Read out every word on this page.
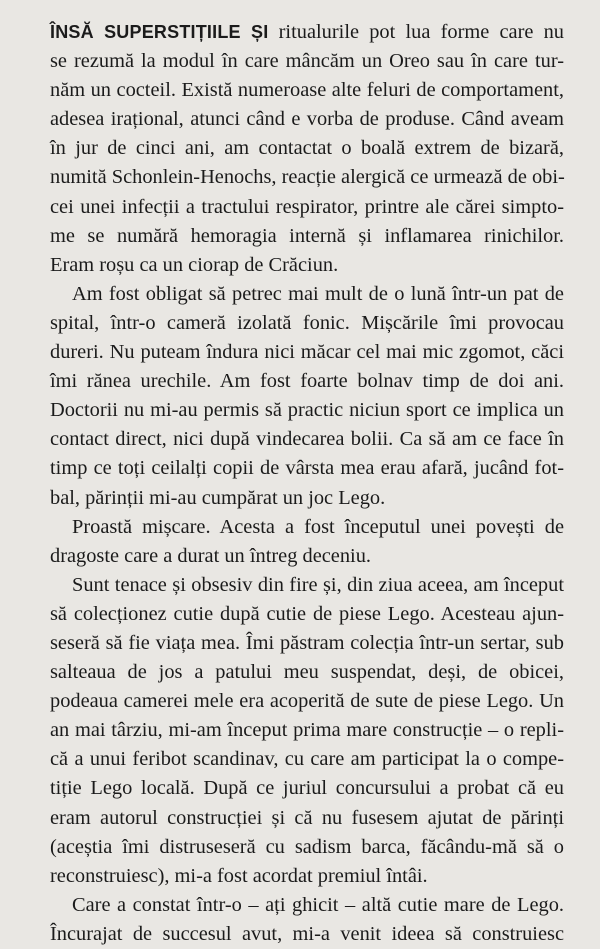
ÎNSĂ SUPERSTIȚIILE ȘI ritualurile pot lua forme care nu
se rezumă la modul în care mâncăm un Oreo sau în care tur-
năm un cocteil. Există numeroase alte feluri de comportament,
adesea irațional, atunci când e vorba de produse. Când aveam
în jur de cinci ani, am contactat o boală extrem de bizară,
numită Schonlein-Henochs, reacție alergică ce urmează de obi-
cei unei infecții a tractului respirator, printre ale cărei simpto-
me se numără hemoragia internă și inflamarea rinichilor.
Eram roșu ca un ciorap de Crăciun.
Am fost obligat să petrec mai mult de o lună într-un pat de
spital, într-o cameră izolată fonic. Mișcările îmi provocau
dureri. Nu puteam îndura nici măcar cel mai mic zgomot, căci
îmi rănea urechile. Am fost foarte bolnav timp de doi ani.
Doctorii nu mi-au permis să practic niciun sport ce implica un
contact direct, nici după vindecarea bolii. Ca să am ce face în
timp ce toți ceilalți copii de vârsta mea erau afară, jucând fot-
bal, părinții mi-au cumpărat un joc Lego.
Proastă mișcare. Acesta a fost începutul unei povești de
dragoste care a durat un întreg deceniu.
Sunt tenace și obsesiv din fire și, din ziua aceea, am început
să colecționez cutie după cutie de piese Lego. Acesteau ajun-
seseră să fie viața mea. Îmi păstram colecția într-un sertar, sub
salteaua de jos a patului meu suspendat, deși, de obicei,
podeaua camerei mele era acoperită de sute de piese Lego. Un
an mai târziu, mi-am început prima mare construcție – o repli-
că a unui feribot scandinav, cu care am participat la o compe-
tiție Lego locală. După ce juriul concursului a probat că eu
eram autorul construcției și că nu fusesem ajutat de părinți
(aceștia îmi distruseseră cu sadism barca, făcându-mă să o
reconstruiesc), mi-a fost acordat premiul întâi.
Care a constat într-o – ați ghicit – altă cutie mare de Lego.
Încurajat de succesul avut, mi-a venit ideea să construiesc
